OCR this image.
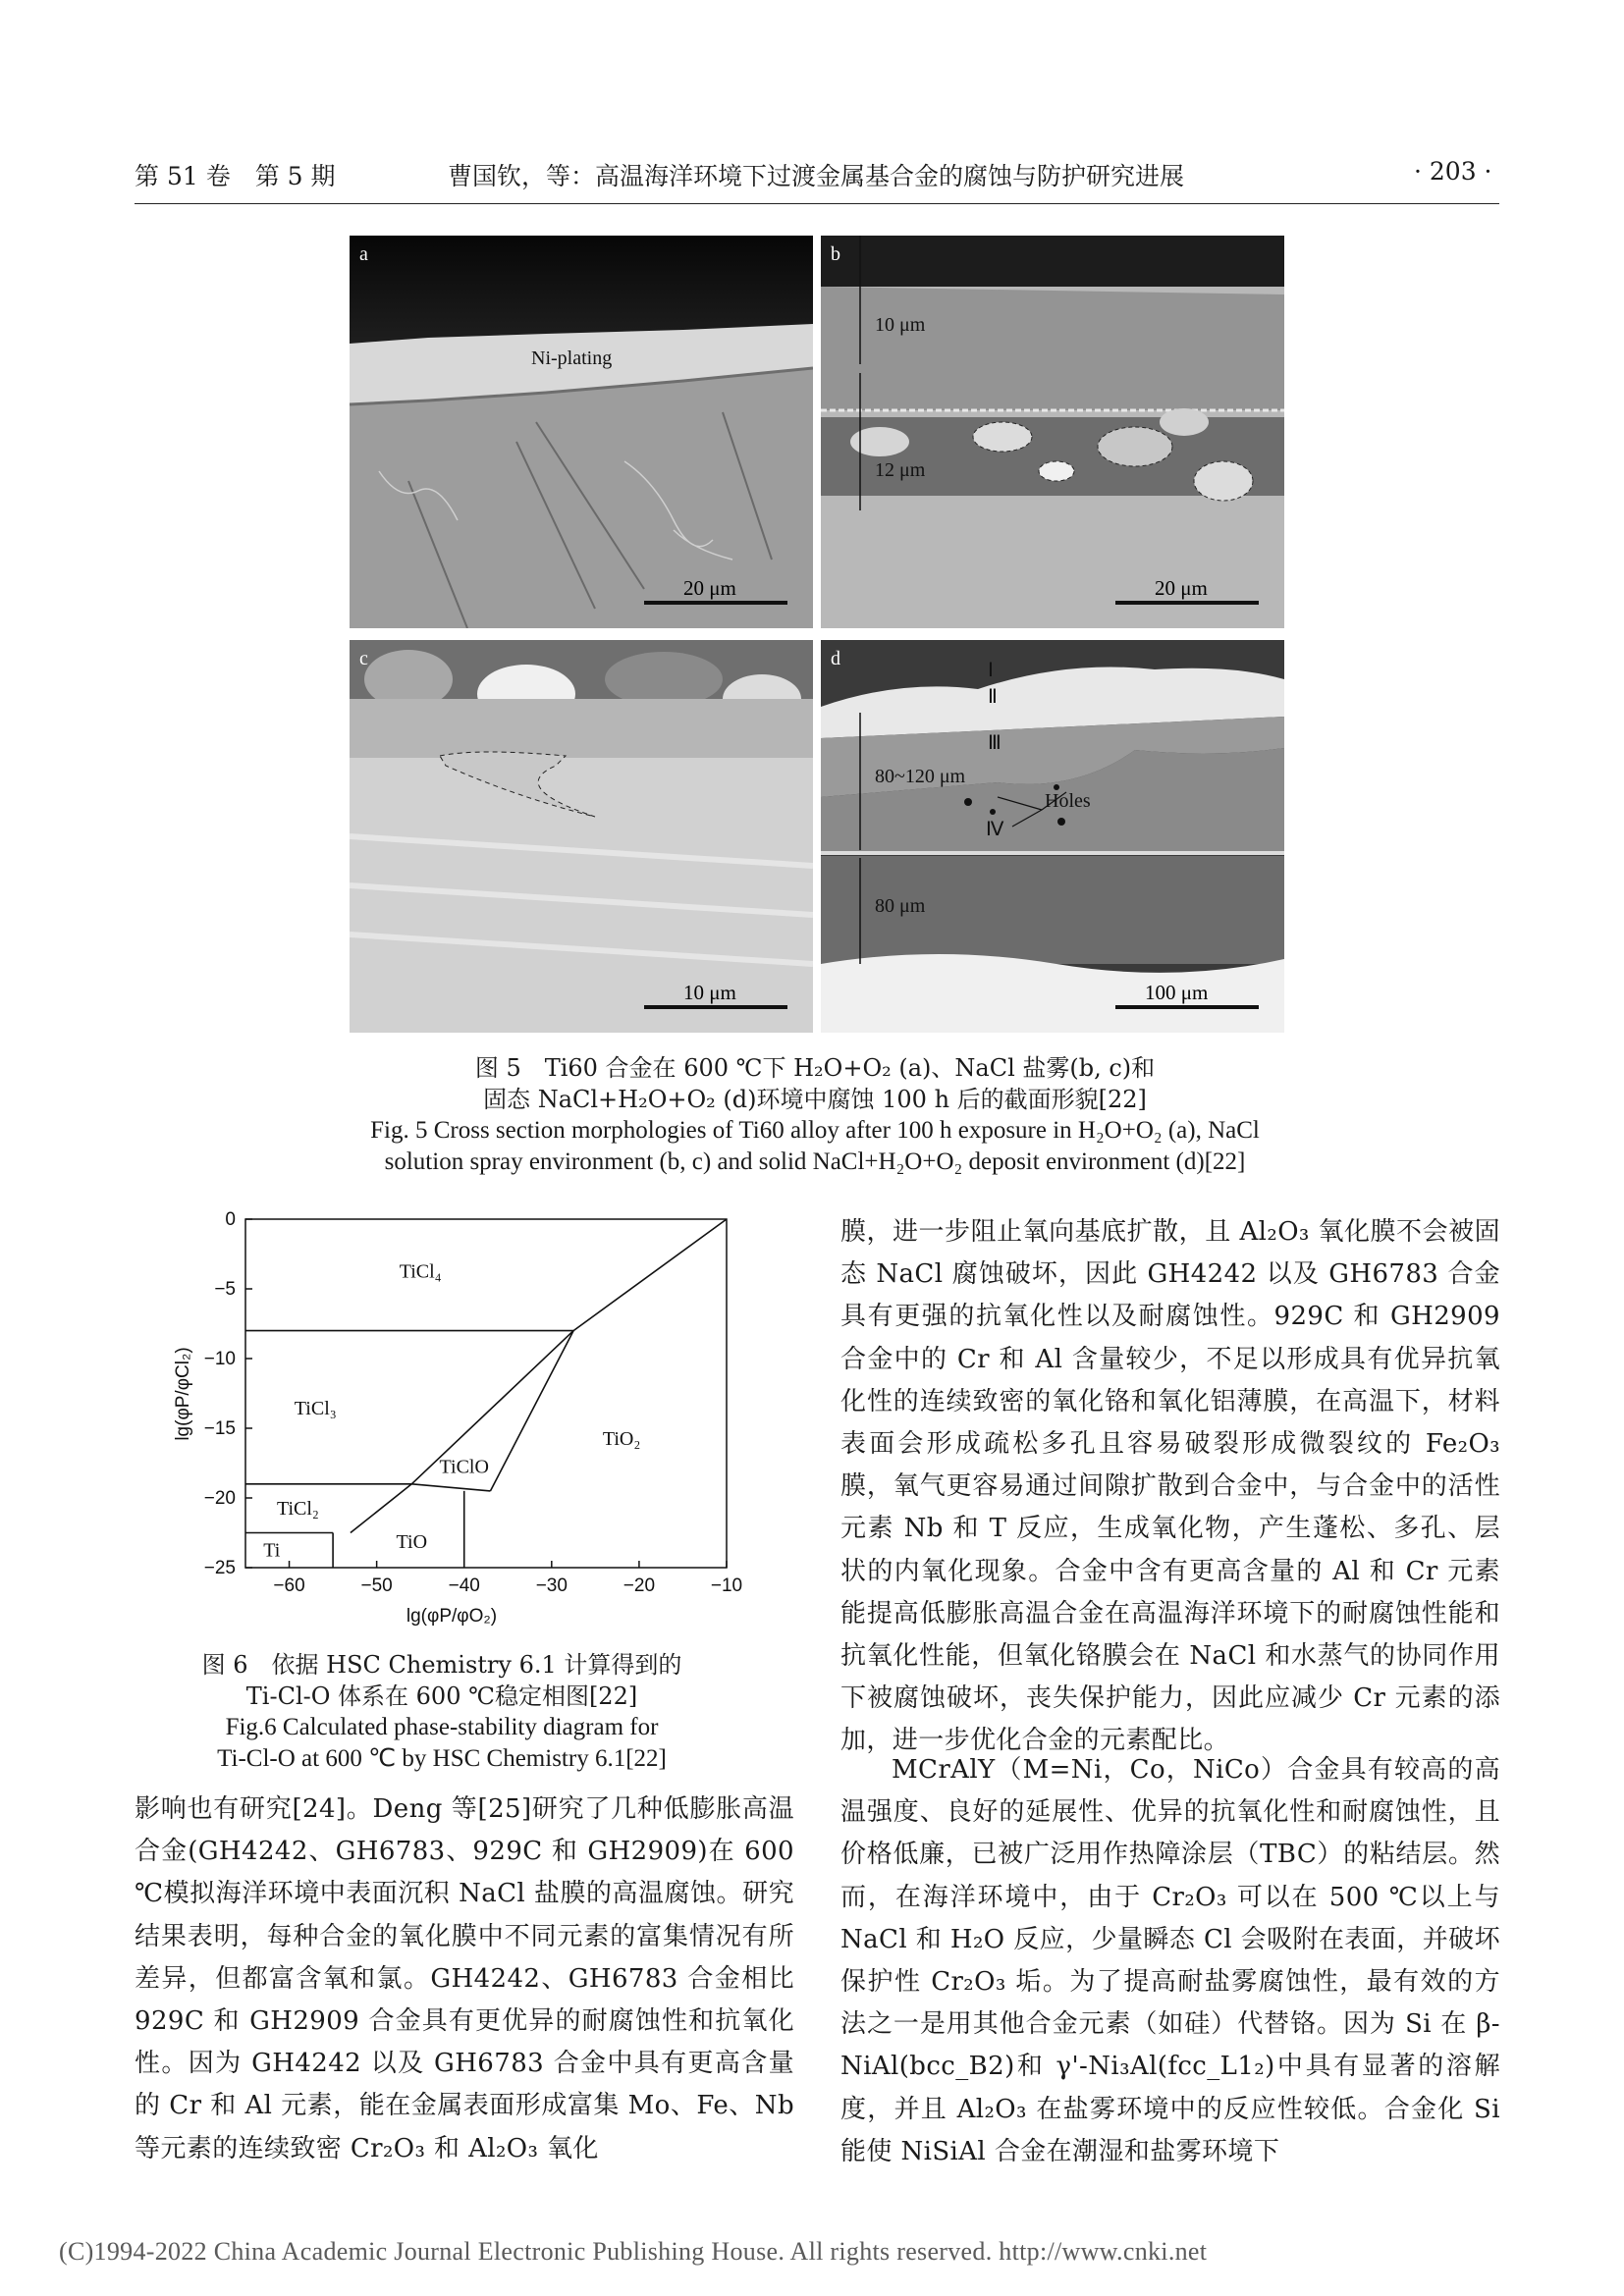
第 51 卷　第 5 期	曹国钦，等：高温海洋环境下过渡金属基合金的腐蚀与防护研究进展	· 203 ·
a
Ni-plating
20 μm
b
10 μm
12 μm
20 μm
c
10 μm
d
Ⅰ
Ⅱ
Ⅲ
80~120 μm
Holes
Ⅳ
80 μm
100 μm
图 5　Ti60 合金在 600 ℃下 H₂O+O₂ (a)、NaCl 盐雾(b, c)和
固态 NaCl+H₂O+O₂ (d)环境中腐蚀 100 h 后的截面形貌[22]
Fig. 5 Cross section morphologies of Ti60 alloy after 100 h exposure in H₂O+O₂ (a), NaCl
solution spray environment (b, c) and solid NaCl+H₂O+O₂ deposit environment (d)[22]
−60	−50	−40	−30	−20	−10
0
−5
−10
−15
−20
−25
TiCl₄
TiCl₃
TiO₂
TiClO
TiCl₂
TiO
Ti
lg(φP/φO₂)
lg(φP/φCl₂)
图 6　依据 HSC Chemistry 6.1 计算得到的
Ti-Cl-O 体系在 600 ℃稳定相图[22]
Fig.6 Calculated phase-stability diagram for
Ti-Cl-O at 600 ℃ by HSC Chemistry 6.1[22]

影响也有研究[24]。Deng 等[25]研究了几种低膨胀高温合金(GH4242、GH6783、929C 和 GH2909)在 600 ℃模拟海洋环境中表面沉积 NaCl 盐膜的高温腐蚀。研究结果表明，每种合金的氧化膜中不同元素的富集情况有所差异，但都富含氧和氯。GH4242、GH6783 合金相比 929C 和 GH2909 合金具有更优异的耐腐蚀性和抗氧化性。因为 GH4242 以及 GH6783 合金中具有更高含量的 Cr 和 Al 元素，能在金属表面形成富集 Mo、Fe、Nb 等元素的连续致密 Cr₂O₃ 和 Al₂O₃ 氧化

膜，进一步阻止氧向基底扩散，且 Al₂O₃ 氧化膜不会被固态 NaCl 腐蚀破坏，因此 GH4242 以及 GH6783 合金具有更强的抗氧化性以及耐腐蚀性。929C 和 GH2909 合金中的 Cr 和 Al 含量较少，不足以形成具有优异抗氧化性的连续致密的氧化铬和氧化铝薄膜，在高温下，材料表面会形成疏松多孔且容易破裂形成微裂纹的 Fe₂O₃ 膜，氧气更容易通过间隙扩散到合金中，与合金中的活性元素 Nb 和 T 反应，生成氧化物，产生蓬松、多孔、层状的内氧化现象。合金中含有更高含量的 Al 和 Cr 元素能提高低膨胀高温合金在高温海洋环境下的耐腐蚀性能和抗氧化性能，但氧化铬膜会在 NaCl 和水蒸气的协同作用下被腐蚀破坏，丧失保护能力，因此应减少 Cr 元素的添加，进一步优化合金的元素配比。

MCrAlY（M=Ni，Co，NiCo）合金具有较高的高温强度、良好的延展性、优异的抗氧化性和耐腐蚀性，且价格低廉，已被广泛用作热障涂层（TBC）的粘结层。然而，在海洋环境中，由于 Cr₂O₃ 可以在 500 ℃以上与 NaCl 和 H₂O 反应，少量瞬态 Cl 会吸附在表面，并破坏保护性 Cr₂O₃ 垢。为了提高耐盐雾腐蚀性，最有效的方法之一是用其他合金元素（如硅）代替铬。因为 Si 在 β-NiAl(bcc_B2)和 γ'-Ni₃Al(fcc_L1₂)中具有显著的溶解度，并且 Al₂O₃ 在盐雾环境中的反应性较低。合金化 Si 能使 NiSiAl 合金在潮湿和盐雾环境下

(C)1994-2022 China Academic Journal Electronic Publishing House. All rights reserved. http://www.cnki.net
